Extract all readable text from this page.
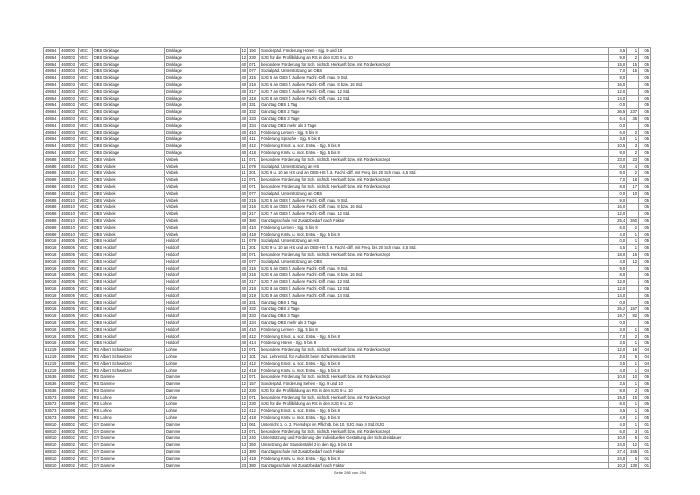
49864	460000	VEC	OBS Dinklage	Dinklage	12	150	Sonderpäd. Förderung Hören - Sjg. 9 und 10	3,5	1	05
49864	460003	VEC	OBS Dinklage	Dinklage	12	230	SJG für die Profilbildung an RS in den SJG 9 u. 10	9,0	2	05
49864	460003	VEC	OBS Dinklage	Dinklage	40	071	besondere Förderung für Sch. nichtdt. Herkunft bzw. mit Förderkonzept	15,0	15	05
49864	460003	VEC	OBS Dinklage	Dinklage	40	077	Sozialpäd. Unterstützung an OBS	7,0	15	05
49864	460003	VEC	OBS Dinklage	Dinklage	40	215	SJG 5 an OBS f. äußere Fachl.-Diff. max. 9 Std.	9,0		05
49864	460003	VEC	OBS Dinklage	Dinklage	40	216	SJG 6 an OBS f. äußere Fachl.-Diff. max. 8 bzw. 16 Std.	16,0		05
49864	460003	VEC	OBS Dinklage	Dinklage	40	217	SJG 7 an OBS f. äußere Fachl.-Diff. max. 12 Std.	12,0		05
49864	460003	VEC	OBS Dinklage	Dinklage	40	218	SJG 8 an OBS f. äußere Fachl.-Diff. max. 12 Std.	14,0		05
49864	460003	VEC	OBS Dinklage	Dinklage	40	331	Ganztag OBS 1 Tag	0,0		05
49864	460003	VEC	OBS Dinklage	Dinklage	40	332	Ganztag OBS 2 Tage	36,5	237	05
49864	460003	VEC	OBS Dinklage	Dinklage	40	333	Ganztag OBS 3 Tage	6,4	35	05
49864	460003	VEC	OBS Dinklage	Dinklage	40	334	Ganztag OBS mehr als 3 Tage	0,0		05
49864	460003	VEC	OBS Dinklage	Dinklage	40	410	Förderung Lernen - Sjg. 5 bis 8	6,0	2	05
49864	460003	VEC	OBS Dinklage	Dinklage	40	411	Förderung Sprache - Sjg. 5 bis 8	3,0	1	05
49864	460003	VEC	OBS Dinklage	Dinklage	40	412	Förderung Emot. u. soz. Entw. - Sjg. 5 bis 8	10,5	3	05
49864	460003	VEC	OBS Dinklage	Dinklage	40	418	Förderung Kmtv. u. mot. Entw. - Sjg. 5 bis 8	8,0	2	05
49688	460010	VEC	OBS Visbek	Visbek	11	071	besondere Förderung für Sch. nichtdt. Herkunft bzw. mit Förderkonzept	23,0	23	05
49688	460010	VEC	OBS Visbek	Visbek	11	079	Sozialpäd. Unterstützung an HS	0,0	4	05
49688	460010	VEC	OBS Visbek	Visbek	11	201	SJG 9 u. 10 an HS und an OBS-HS f. ä. Fachl.-diff. mit Freq. bis 20 Sch max. 4,5 Std.	9,0	2	05
49688	460010	VEC	OBS Visbek	Visbek	12	071	besondere Förderung für Sch. nichtdt. Herkunft bzw. mit Förderkonzept	7,0	18	05
49688	460010	VEC	OBS Visbek	Visbek	40	071	besondere Förderung für Sch. nichtdt. Herkunft bzw. mit Förderkonzept	8,0	17	05
49688	460010	VEC	OBS Visbek	Visbek	40	077	Sozialpäd. Unterstützung an OBS	0,0	10	05
49688	460010	VEC	OBS Visbek	Visbek	40	215	SJG 5 an OBS f. äußere Fachl.-Diff. max. 9 Std.	9,0		05
49688	460010	VEC	OBS Visbek	Visbek	40	216	SJG 6 an OBS f. äußere Fachl.-Diff. max. 8 bzw. 16 Std.	16,0		05
49688	460010	VEC	OBS Visbek	Visbek	40	217	SJG 7 an OBS f. äußere Fachl.-Diff. max. 12 Std.	12,0		05
49688	460010	VEC	OBS Visbek	Visbek	40	380	Ganztagsschule mit Zusatzbedarf nach Faktor	25,4	260	05
49688	460010	VEC	OBS Visbek	Visbek	40	410	Förderung Lernen - Sjg. 5 bis 8	6,0	2	05
49688	460010	VEC	OBS Visbek	Visbek	40	418	Förderung Kmtv. u. mot. Entw. - Sjg. 5 bis 8	4,0	1	05
59018	460005	VEC	OBS Holdorf	Holdorf	11	079	Sozialpäd. Unterstützung an HS	0,0	1	05
59018	460005	VEC	OBS Holdorf	Holdorf	11	201	SJG 9 u. 10 an HS und an OBS-HS f. ä. Fachl.-diff. mit Freq. bis 20 Sch max. 4,5 Std.	4,5	1	05
59018	460005	VEC	OBS Holdorf	Holdorf	40	071	besondere Förderung für Sch. nichtdt. Herkunft bzw. mit Förderkonzept	18,0	15	05
59018	460005	VEC	OBS Holdorf	Holdorf	40	077	Sozialpäd. Unterstützung an OBS	4,0	12	05
59018	460005	VEC	OBS Holdorf	Holdorf	40	215	SJG 5 an OBS f. äußere Fachl.-Diff. max. 9 Std.	9,0		05
59018	460005	VEC	OBS Holdorf	Holdorf	40	216	SJG 6 an OBS f. äußere Fachl.-Diff. max. 8 bzw. 16 Std.	8,0		05
59018	460005	VEC	OBS Holdorf	Holdorf	40	217	SJG 7 an OBS f. äußere Fachl.-Diff. max. 12 Std.	12,0		05
59018	460005	VEC	OBS Holdorf	Holdorf	40	218	SJG 8 an OBS f. äußere Fachl.-Diff. max. 12 Std.	12,0		05
59018	460005	VEC	OBS Holdorf	Holdorf	40	219	SJG 9 an OBS f. äußere Fachl.-Diff. max. 14 Std.	14,0		05
59018	460005	VEC	OBS Holdorf	Holdorf	40	331	Ganztag OBS 1 Tag	0,0		05
59018	460005	VEC	OBS Holdorf	Holdorf	40	332	Ganztag OBS 2 Tage	25,2	157	05
59018	460005	VEC	OBS Holdorf	Holdorf	40	333	Ganztag OBS 3 Tage	19,7	82	05
59018	460005	VEC	OBS Holdorf	Holdorf	40	334	Ganztag OBS mehr als 3 Tage	0,0		05
59018	460005	VEC	OBS Holdorf	Holdorf	40	410	Förderung Lernen - Sjg. 5 bis 8	3,0	1	05
59018	460005	VEC	OBS Holdorf	Holdorf	40	412	Förderung Emot. u. soz. Entw. - Sjg. 5 bis 8	7,0	2	05
59018	460005	VEC	OBS Holdorf	Holdorf	40	414	Förderung Hören - Sjg. 5 bis 8	3,5	1	05
61219	460096	VEC	RS Albert Schweitzer	Lohne	12	071	besondere Förderung für Sch. nichtdt. Herkunft bzw. mit Förderkonzept	12,0	16	04
61219	460096	VEC	RS Albert Schweitzer	Lohne	12	101	zus. Lehrerstd. für Aufsicht beim Schwimmunterricht	2,0	6	04
61219	460096	VEC	RS Albert Schweitzer	Lohne	12	412	Förderung Emot. u. soz. Entw. - Sjg. 5 bis 8	3,5	1	04
61219	460096	VEC	RS Albert Schweitzer	Lohne	12	418	Förderung Kmtv. u. mot. Entw. - Sjg. 5 bis 8	4,0	1	04
53636	460092	VEC	RS Damme	Damme	12	071	besondere Förderung für Sch. nichtdt. Herkunft bzw. mit Förderkonzept	10,0	10	05
53636	460092	VEC	RS Damme	Damme	12	157	Sonderpäd. Förderung Sehen - Sjg. 9 und 10	3,5	1	05
53636	460092	VEC	RS Damme	Damme	12	230	SJG für die Profilbildung an RS in den SJG 9 u. 10	8,0	2	05
53673	460098	VEC	RS Lohne	Lohne	12	071	besondere Förderung für Sch. nichtdt. Herkunft bzw. mit Förderkonzept	15,0	15	05
53673	460098	VEC	RS Lohne	Lohne	12	230	SJG für die Profilbildung an RS in den SJG 9 u. 10	8,0	1	05
53673	460098	VEC	RS Lohne	Lohne	12	412	Förderung Emot. u. soz. Entw. - Sjg. 5 bis 8	3,5	1	05
53673	460098	VEC	RS Lohne	Lohne	12	418	Förderung Kmtv. u. mot. Entw. - Sjg. 5 bis 8	4,0	1	05
68810	460002	VEC	GY Damme	Damme	13	061	Unterricht 1. o. 2. Fremdspr im Pflichtb. bis 10. SJG max 4 Std./SJG	4,0	1	01
68810	460002	VEC	GY Damme	Damme	13	071	besondere Förderung für Sch. nichtdt. Herkunft bzw. mit Förderkonzept	6,0	3	01
68810	460002	VEC	GY Damme	Damme	13	240	Unterstützung und Förderung der individuellen Gestaltung der Schulzeitdauer	10,0	5	01
68810	460002	VEC	GY Damme	Damme	13	350	Umsetzung der Stundentafel 2 in den Sjg. 6 bis 10	24,0	12	01
68810	460002	VEC	GY Damme	Damme	13	380	Ganztagsschule mit Zusatzbedarf nach Faktor	27,4	245	01
68810	460002	VEC	GY Damme	Damme	13	418	Förderung Kmtv. u. mot. Entw. - Sjg. 5 bis 8	24,0	6	01
68810	460002	VEC	GY Damme	Damme	23	380	Ganztagsschule mit Zusatzbedarf nach Faktor	10,3	130	01
Seite 286 von 294
